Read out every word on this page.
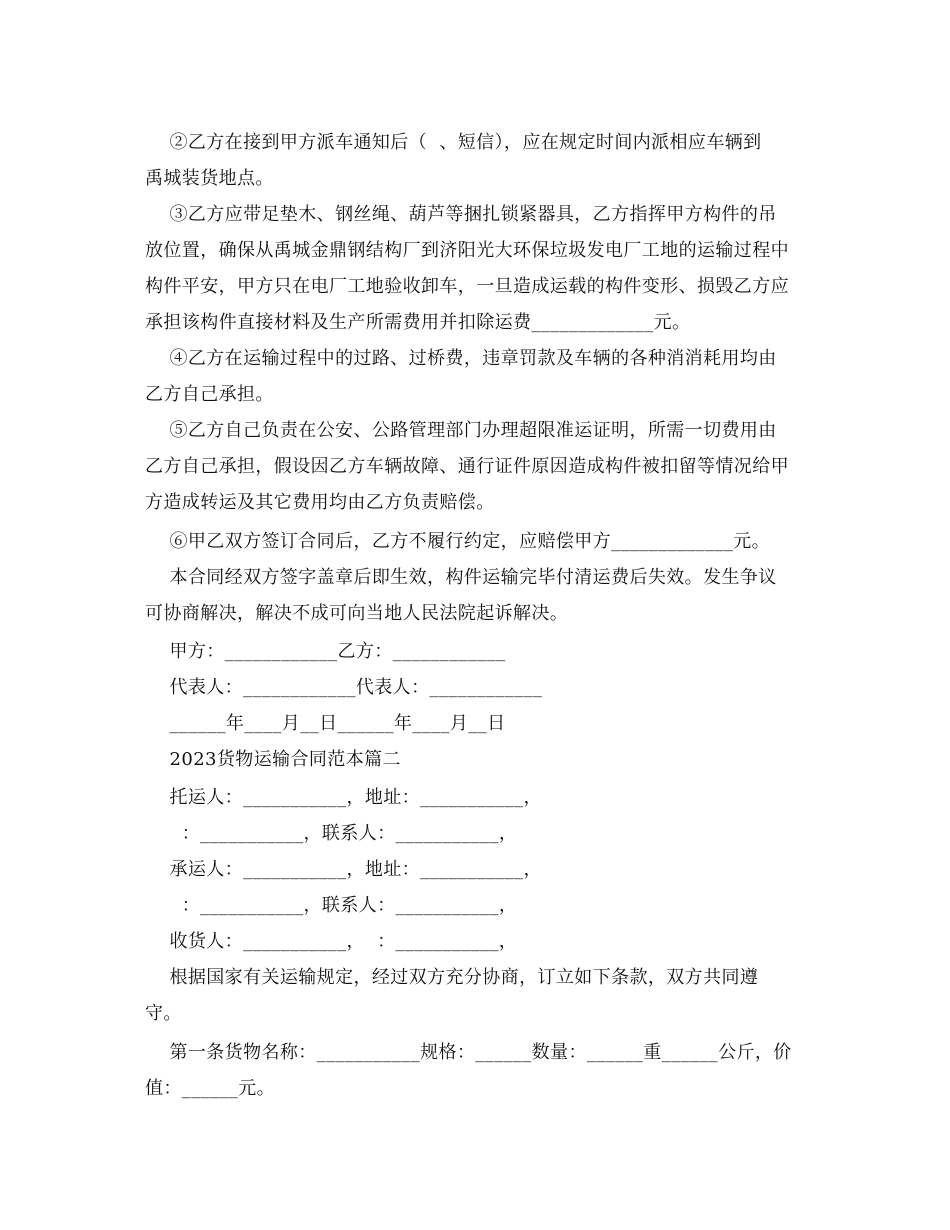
②乙方在接到甲方派车通知后（  、短信），应在规定时间内派相应车辆到
禹城装货地点。
③乙方应带足垫木、钢丝绳、葫芦等捆扎锁紧器具，乙方指挥甲方构件的吊
放位置，确保从禹城金鼎钢结构厂到济阳光大环保垃圾发电厂工地的运输过程中
构件平安，甲方只在电厂工地验收卸车，一旦造成运载的构件变形、损毁乙方应
承担该构件直接材料及生产所需费用并扣除运费_____________元。
④乙方在运输过程中的过路、过桥费，违章罚款及车辆的各种消消耗用均由
乙方自己承担。
⑤乙方自己负责在公安、公路管理部门办理超限准运证明，所需一切费用由
乙方自己承担，假设因乙方车辆故障、通行证件原因造成构件被扣留等情况给甲
方造成转运及其它费用均由乙方负责赔偿。
⑥甲乙双方签订合同后，乙方不履行约定，应赔偿甲方_____________元。
本合同经双方签字盖章后即生效，构件运输完毕付清运费后失效。发生争议
可协商解决，解决不成可向当地人民法院起诉解决。
甲方：____________乙方：____________
代表人：____________代表人：____________
______年____月__日______年____月__日
2023货物运输合同范本篇二
托运人：___________，地址：___________，
：___________，联系人：___________，
承运人：___________，地址：___________，
：___________，联系人：___________，
收货人：___________，  ：___________，
根据国家有关运输规定，经过双方充分协商，订立如下条款，双方共同遵
守。
第一条货物名称：___________规格：______数量：______重______公斤，价
值：______元。
